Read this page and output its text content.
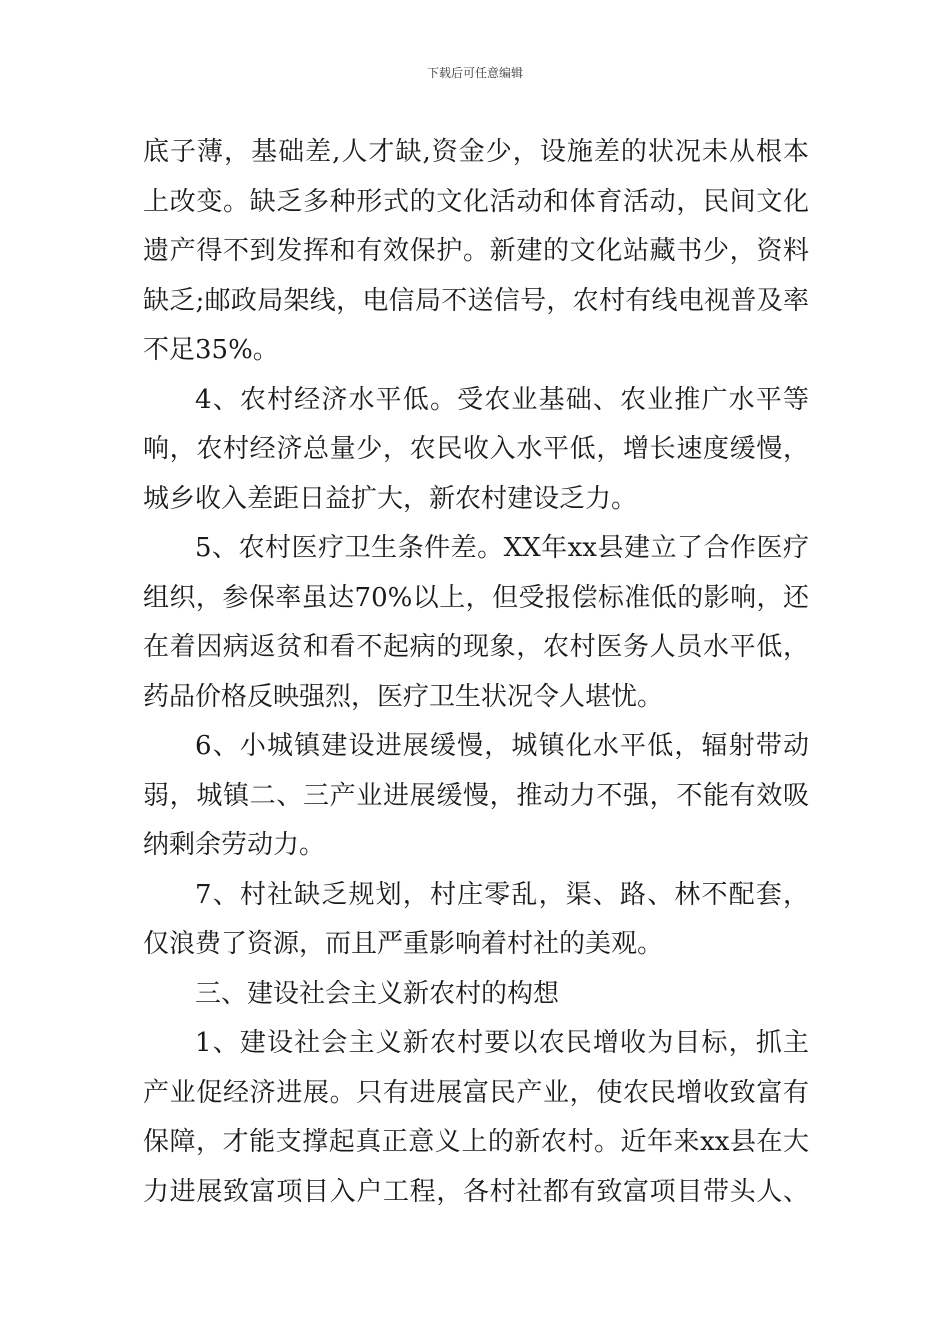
下载后可任意编辑
底子薄，基础差,人才缺,资金少，设施差的状况未从根本
上改变。缺乏多种形式的文化活动和体育活动，民间文化
遗产得不到发挥和有效保护。新建的文化站藏书少，资料
缺乏;邮政局架线，电信局不送信号，农村有线电视普及率
不足35%。
4、农村经济水平低。受农业基础、农业推广水平等
响，农村经济总量少，农民收入水平低，增长速度缓慢，
城乡收入差距日益扩大，新农村建设乏力。
5、农村医疗卫生条件差。XX年xx县建立了合作医疗
组织，参保率虽达70%以上，但受报偿标准低的影响，还
在着因病返贫和看不起病的现象，农村医务人员水平低，
药品价格反映强烈，医疗卫生状况令人堪忧。
6、小城镇建设进展缓慢，城镇化水平低，辐射带动
弱，城镇二、三产业进展缓慢，推动力不强，不能有效吸
纳剩余劳动力。
7、村社缺乏规划，村庄零乱，渠、路、林不配套，
仅浪费了资源，而且严重影响着村社的美观。
三、建设社会主义新农村的构想
1、建设社会主义新农村要以农民增收为目标，抓主
产业促经济进展。只有进展富民产业，使农民增收致富有
保障，才能支撑起真正意义上的新农村。近年来xx县在大
力进展致富项目入户工程，各村社都有致富项目带头人、
